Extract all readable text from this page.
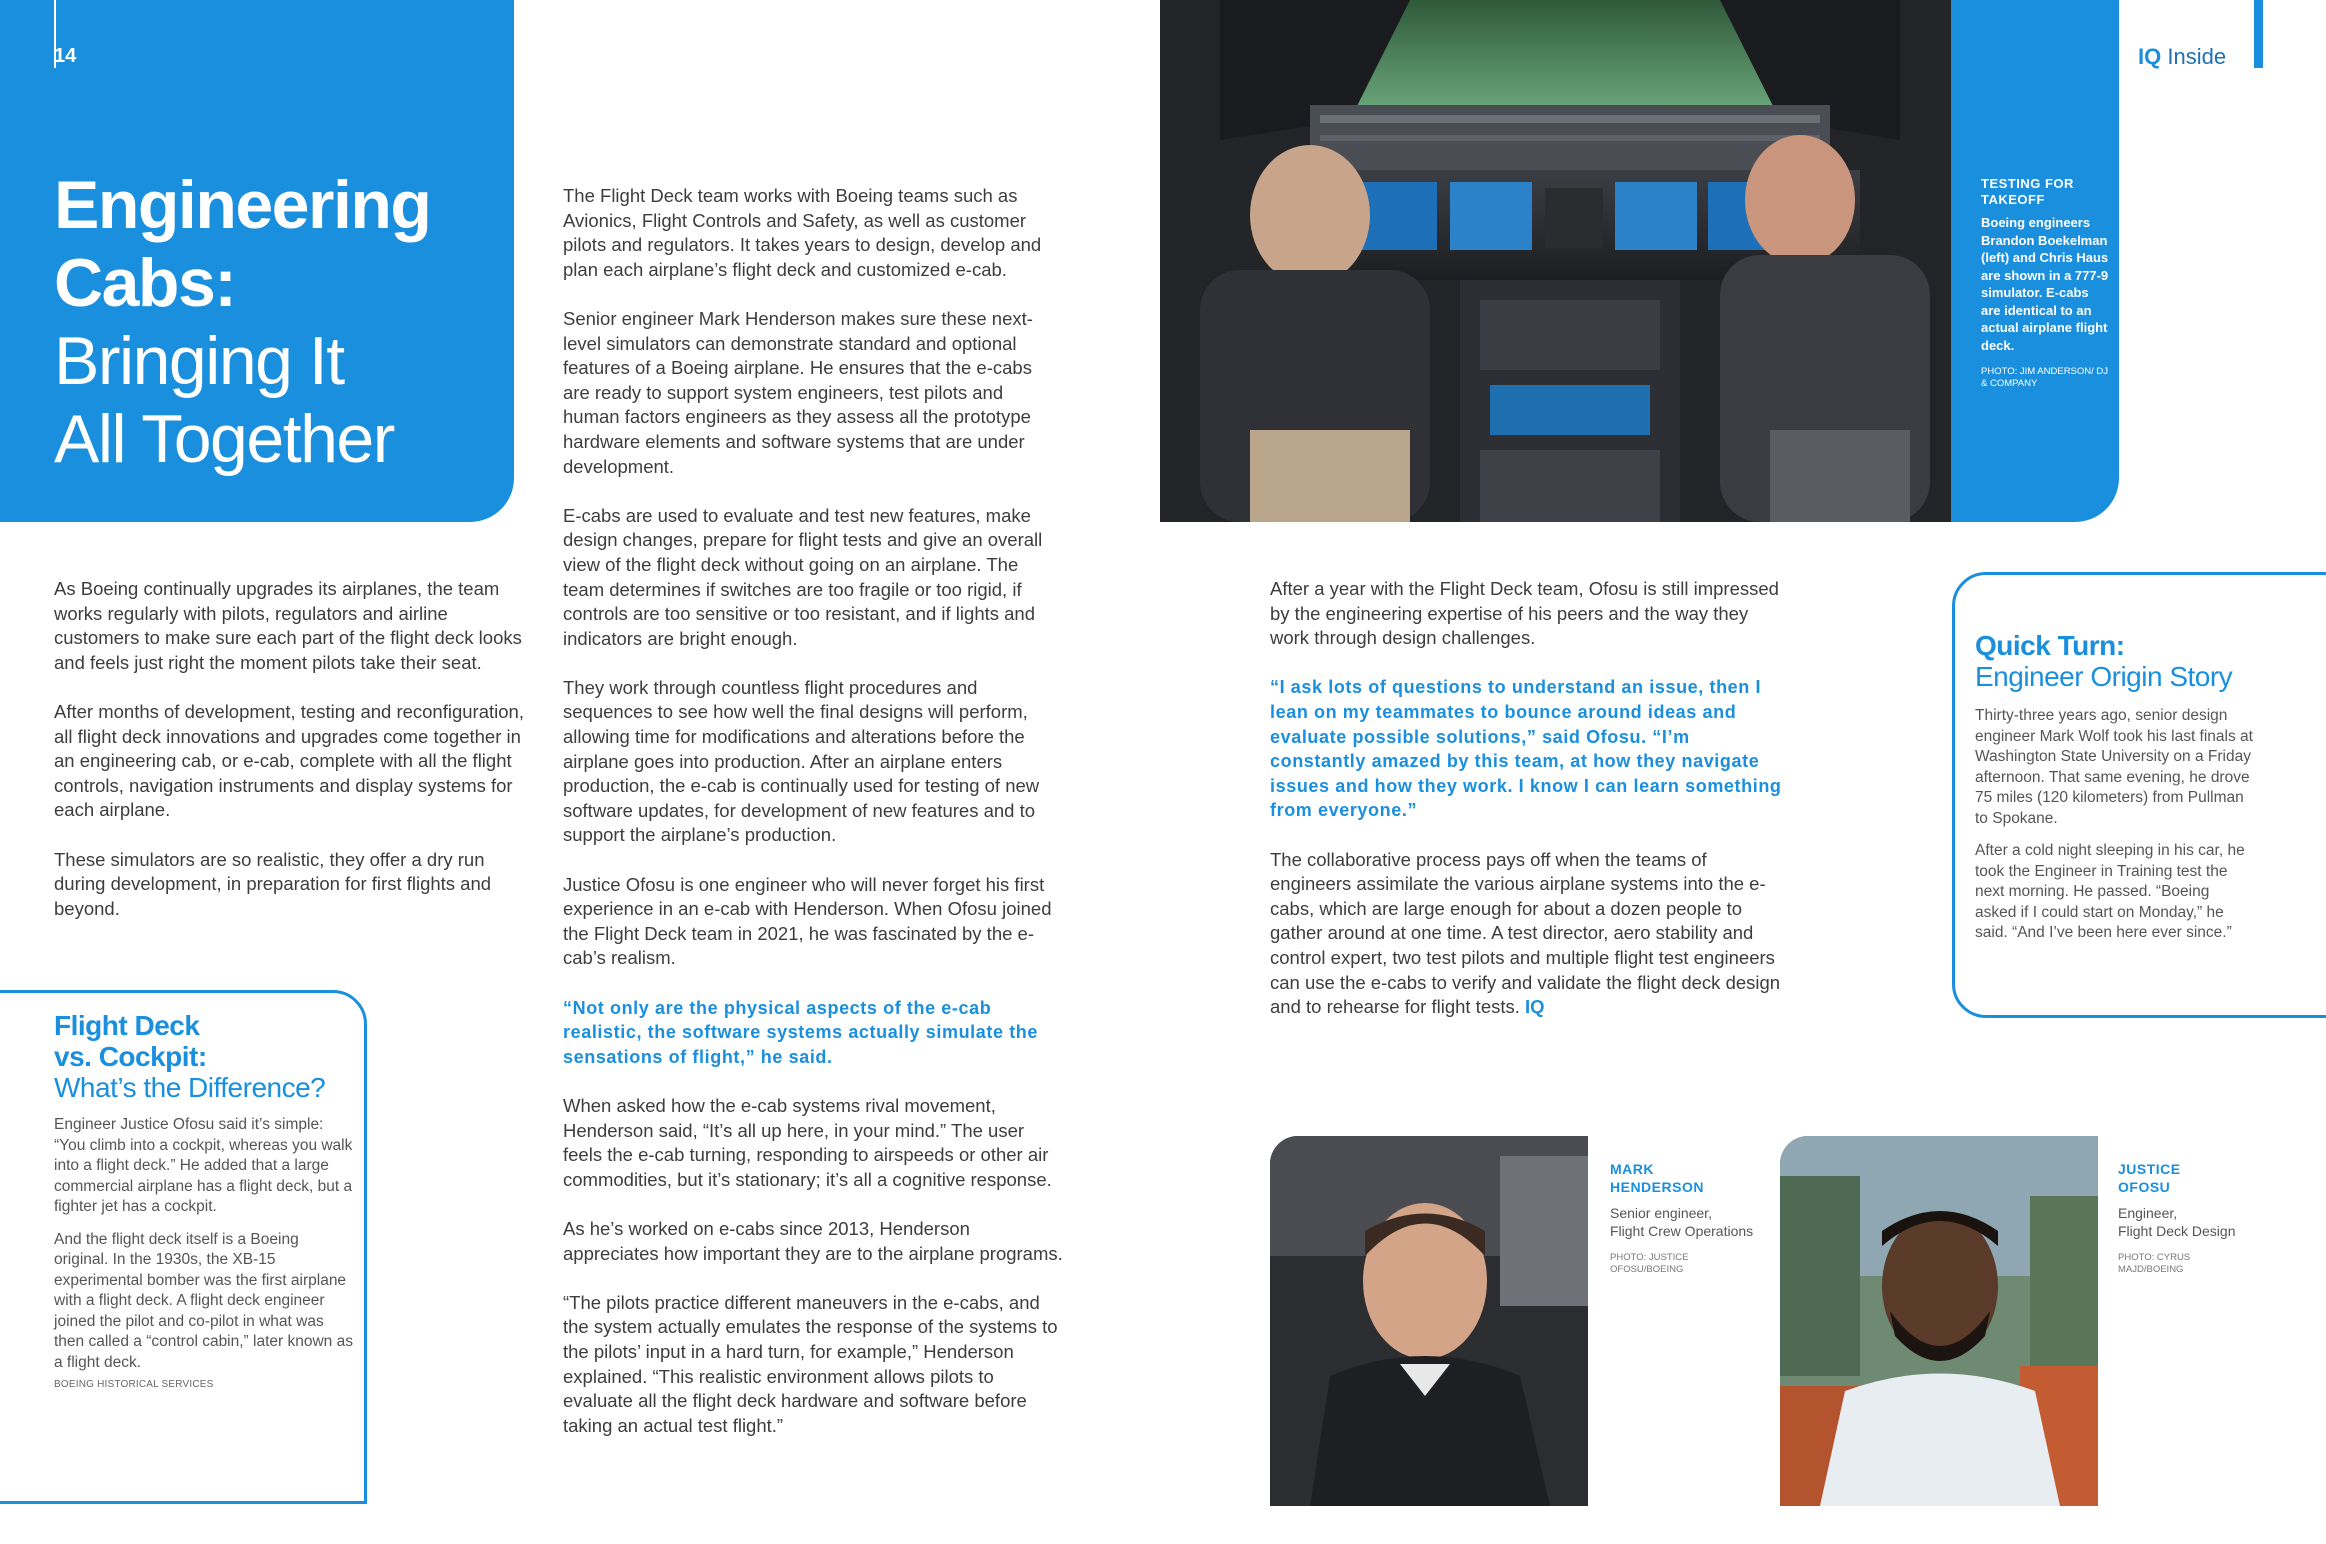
14
Engineering
Cabs:
Bringing It
All Together

As Boeing continually upgrades its airplanes, the team works regularly with pilots, regulators and airline customers to make sure each part of the flight deck looks and feels just right the moment pilots take their seat.

After months of development, testing and reconfiguration, all flight deck innovations and upgrades come together in an engineering cab, or e-cab, complete with all the flight controls, navigation instruments and display systems for each airplane.

These simulators are so realistic, they offer a dry run during development, in preparation for first flights and beyond.

Flight Deck
vs. Cockpit:
What’s the Difference?

Engineer Justice Ofosu said it’s simple: “You climb into a cockpit, whereas you walk into a flight deck.” He added that a large commercial airplane has a flight deck, but a fighter jet has a cockpit.

And the flight deck itself is a Boeing original. In the 1930s, the XB-15 experimental bomber was the first airplane with a flight deck. A flight deck engineer joined the pilot and co-pilot in what was then called a “control cabin,” later known as a flight deck.

BOEING HISTORICAL SERVICES

The Flight Deck team works with Boeing teams such as Avionics, Flight Controls and Safety, as well as customer pilots and regulators. It takes years to design, develop and plan each airplane’s flight deck and customized e-cab.

Senior engineer Mark Henderson makes sure these next-level simulators can demonstrate standard and optional features of a Boeing airplane. He ensures that the e-cabs are ready to support system engineers, test pilots and human factors engineers as they assess all the prototype hardware elements and software systems that are under development.

E-cabs are used to evaluate and test new features, make design changes, prepare for flight tests and give an overall view of the flight deck without going on an airplane. The team determines if switches are too fragile or too rigid, if controls are too sensitive or too resistant, and if lights and indicators are bright enough.

They work through countless flight procedures and sequences to see how well the final designs will perform, allowing time for modifications and alterations before the airplane goes into production. After an airplane enters production, the e-cab is continually used for testing of new software updates, for development of new features and to support the airplane’s production.

Justice Ofosu is one engineer who will never forget his first experience in an e-cab with Henderson. When Ofosu joined the Flight Deck team in 2021, he was fascinated by the e-cab’s realism.

“Not only are the physical aspects of the e-cab realistic, the software systems actually simulate the sensations of flight,” he said.

When asked how the e-cab systems rival movement, Henderson said, “It’s all up here, in your mind.” The user feels the e-cab turning, responding to airspeeds or other air commodities, but it’s stationary; it’s all a cognitive response.

As he’s worked on e-cabs since 2013, Henderson appreciates how important they are to the airplane programs.

“The pilots practice different maneuvers in the e-cabs, and the system actually emulates the response of the systems to the pilots’ input in a hard turn, for example,” Henderson explained. “This realistic environment allows pilots to evaluate all the flight deck hardware and software before taking an actual test flight.”

TESTING FOR TAKEOFF
Boeing engineers Brandon Boekelman (left) and Chris Haus are shown in a 777-9 simulator. E-cabs are identical to an actual airplane flight deck.
PHOTO: JIM ANDERSON/ DJ & COMPANY
IQ Inside

After a year with the Flight Deck team, Ofosu is still impressed by the engineering expertise of his peers and the way they work through design challenges.

“I ask lots of questions to understand an issue, then I lean on my teammates to bounce around ideas and evaluate possible solutions,” said Ofosu. “I’m constantly amazed by this team, at how they navigate issues and how they work. I know I can learn something from everyone.”

The collaborative process pays off when the teams of engineers assimilate the various airplane systems into the e-cabs, which are large enough for about a dozen people to gather around at one time. A test director, aero stability and control expert, two test pilots and multiple flight test engineers can use the e-cabs to verify and validate the flight deck design and to rehearse for flight tests. IQ

Quick Turn:
Engineer Origin Story

Thirty-three years ago, senior design engineer Mark Wolf took his last finals at Washington State University on a Friday afternoon. That same evening, he drove 75 miles (120 kilometers) from Pullman to Spokane.

After a cold night sleeping in his car, he took the Engineer in Training test the next morning. He passed. “Boeing asked if I could start on Monday,” he said. “And I’ve been here ever since.”

MARK
HENDERSON
Senior engineer,
Flight Crew Operations
PHOTO: JUSTICE
OFOSU/BOEING
JUSTICE
OFOSU
Engineer,
Flight Deck Design
PHOTO: CYRUS
MAJD/BOEING
